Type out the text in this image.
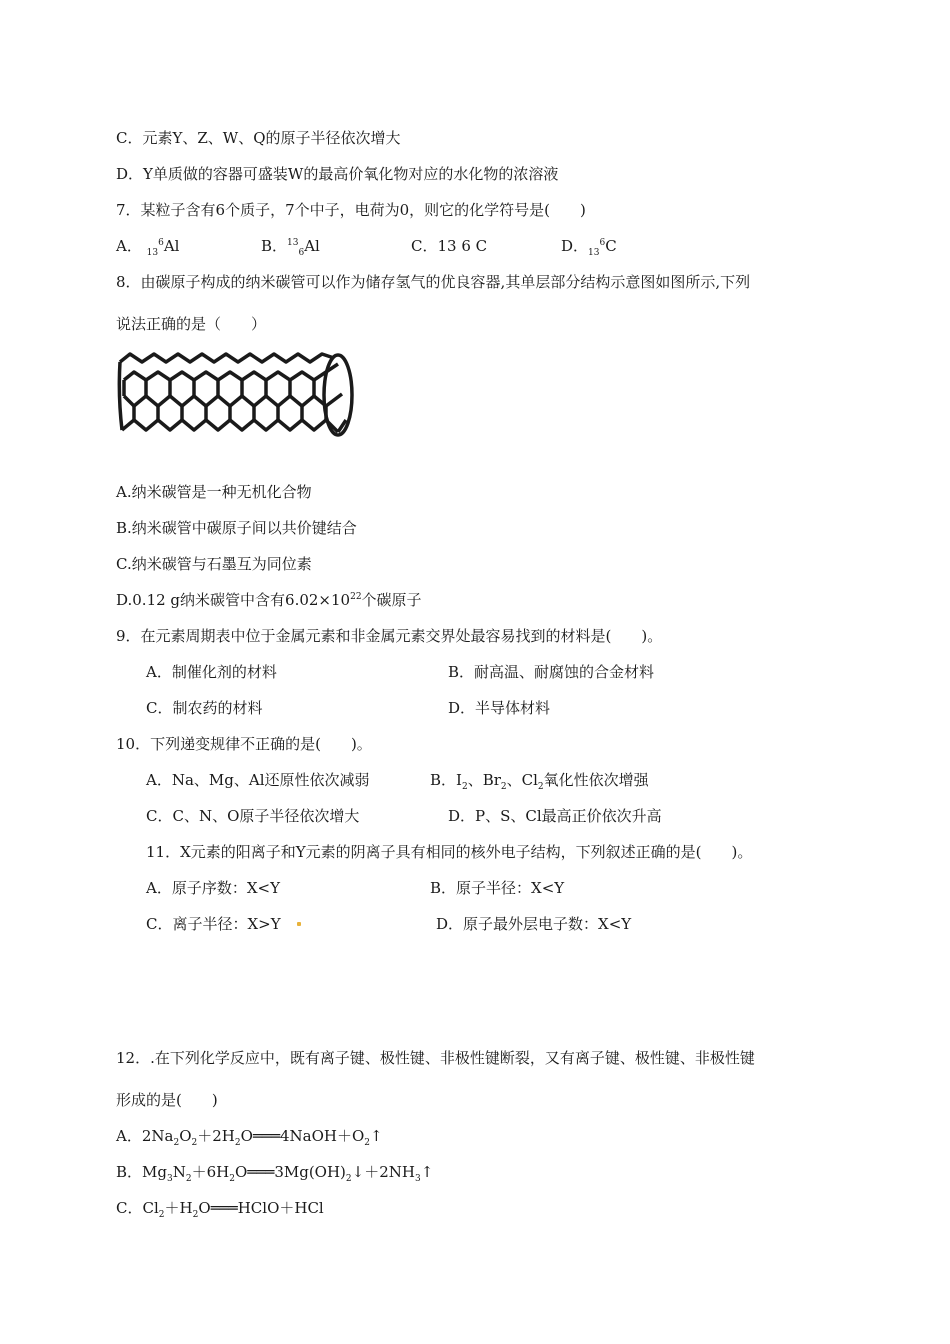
C．元素Y、Z、W、Q的原子半径依次增大
D．Y单质做的容器可盛装W的最高价氧化物对应的水化物的浓溶液
7．某粒子含有6个质子，7个中子，电荷为0，则它的化学符号是(　　)
A． $_{13}^6$Al	B．$^{13}_6$Al	C．13 6 C	D．$_{13}^6$C
8．由碳原子构成的纳米碳管可以作为储存氢气的优良容器,其单层部分结构示意图如图所示,下列
说法正确的是（　　）
A.纳米碳管是一种无机化合物
B.纳米碳管中碳原子间以共价键结合
C.纳米碳管与石墨互为同位素
D.0.12 g纳米碳管中含有$6.02\times 10^{22}$个碳原子
9．在元素周期表中位于金属元素和非金属元素交界处最容易找到的材料是(　　)。
A．制催化剂的材料	B．耐高温、耐腐蚀的合金材料
C．制农药的材料	D．半导体材料
10．下列递变规律不正确的是(　　)。
A．Na、Mg、Al还原性依次减弱	B．$I_2$、$Br_2$、$Cl_2$氧化性依次增强
C．C、N、O原子半径依次增大	D．P、S、Cl最高正价依次升高
11．X元素的阳离子和Y元素的阴离子具有相同的核外电子结构，下列叙述正确的是(　　)。
A．原子序数：X<Y	B．原子半径：X<Y
C．离子半径：X>Y	D．原子最外层电子数：X<Y
12．.在下列化学反应中，既有离子键、极性键、非极性键断裂，又有离子键、极性键、非极性键
形成的是(　　)
A．$2Na_2O_2+2H_2O═══4NaOH+O_2↑$
B．$Mg_3N_2+6H_2O═══3Mg(OH)_2↓+2NH_3↑$
C．$Cl_2+H_2O═══HClO+HCl$
